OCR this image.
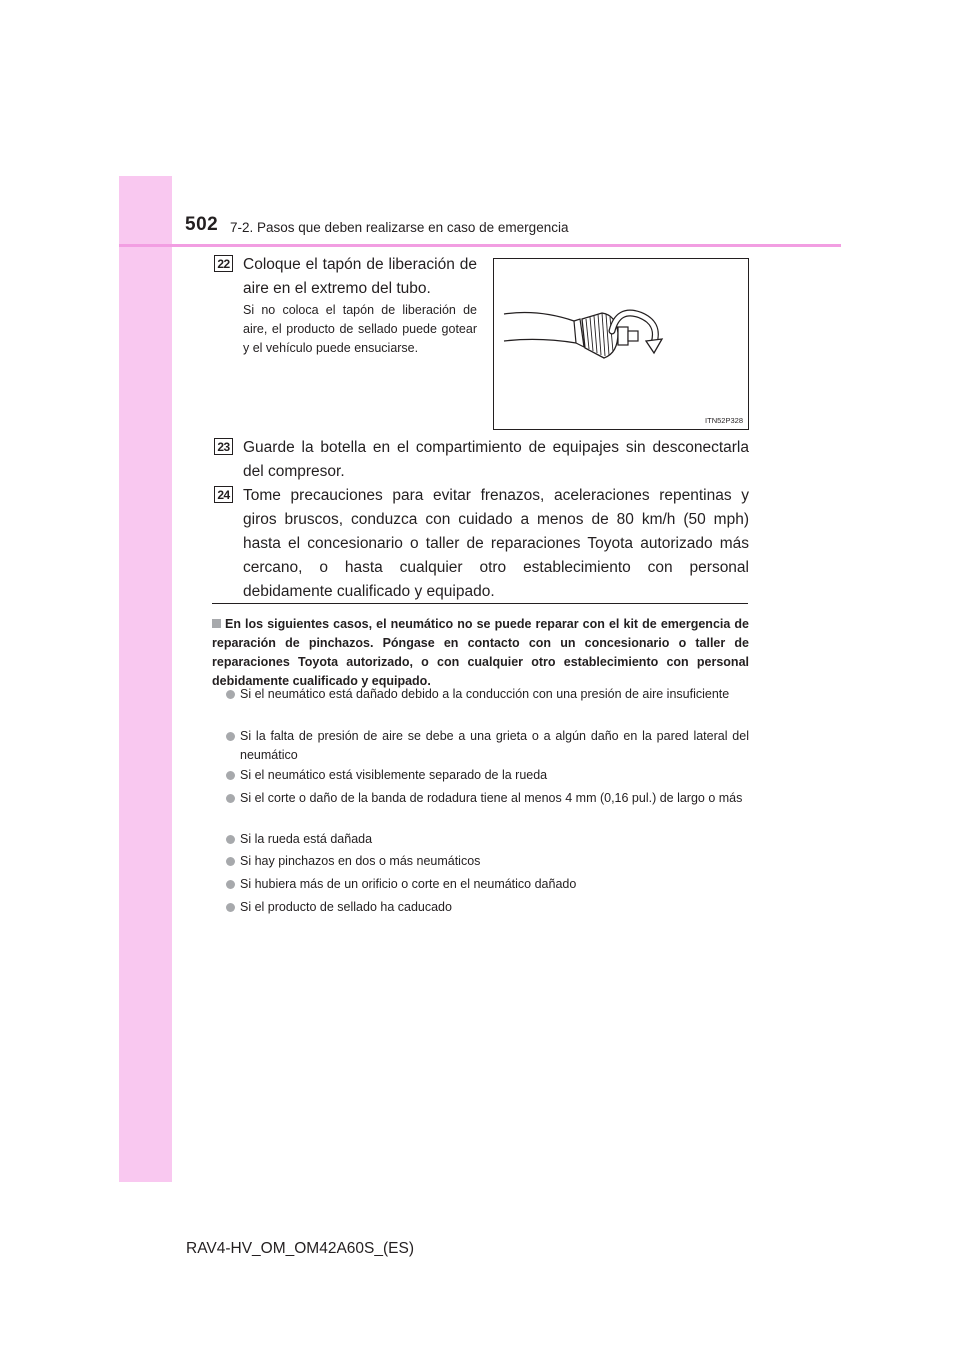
502 7-2. Pasos que deben realizarse en caso de emergencia
22 Coloque el tapón de liberación de aire en el extremo del tubo.
Si no coloca el tapón de liberación de aire, el producto de sellado puede gotear y el vehículo puede ensuciarse.
ITN52P328
23 Guarde la botella en el compartimiento de equipajes sin desconectarla del compresor.
24 Tome precauciones para evitar frenazos, aceleraciones repentinas y giros bruscos, conduzca con cuidado a menos de 80 km/h (50 mph) hasta el concesionario o taller de reparaciones Toyota autorizado más cercano, o hasta cualquier otro establecimiento con personal debidamente cualificado y equipado.
En los siguientes casos, el neumático no se puede reparar con el kit de emergencia de reparación de pinchazos. Póngase en contacto con un concesionario o taller de reparaciones Toyota autorizado, o con cualquier otro establecimiento con personal debidamente cualificado y equipado.
Si el neumático está dañado debido a la conducción con una presión de aire insuficiente
Si la falta de presión de aire se debe a una grieta o a algún daño en la pared lateral del neumático
Si el neumático está visiblemente separado de la rueda
Si el corte o daño de la banda de rodadura tiene al menos 4 mm (0,16 pul.) de largo o más
Si la rueda está dañada
Si hay pinchazos en dos o más neumáticos
Si hubiera más de un orificio o corte en el neumático dañado
Si el producto de sellado ha caducado
RAV4-HV_OM_OM42A60S_(ES)
